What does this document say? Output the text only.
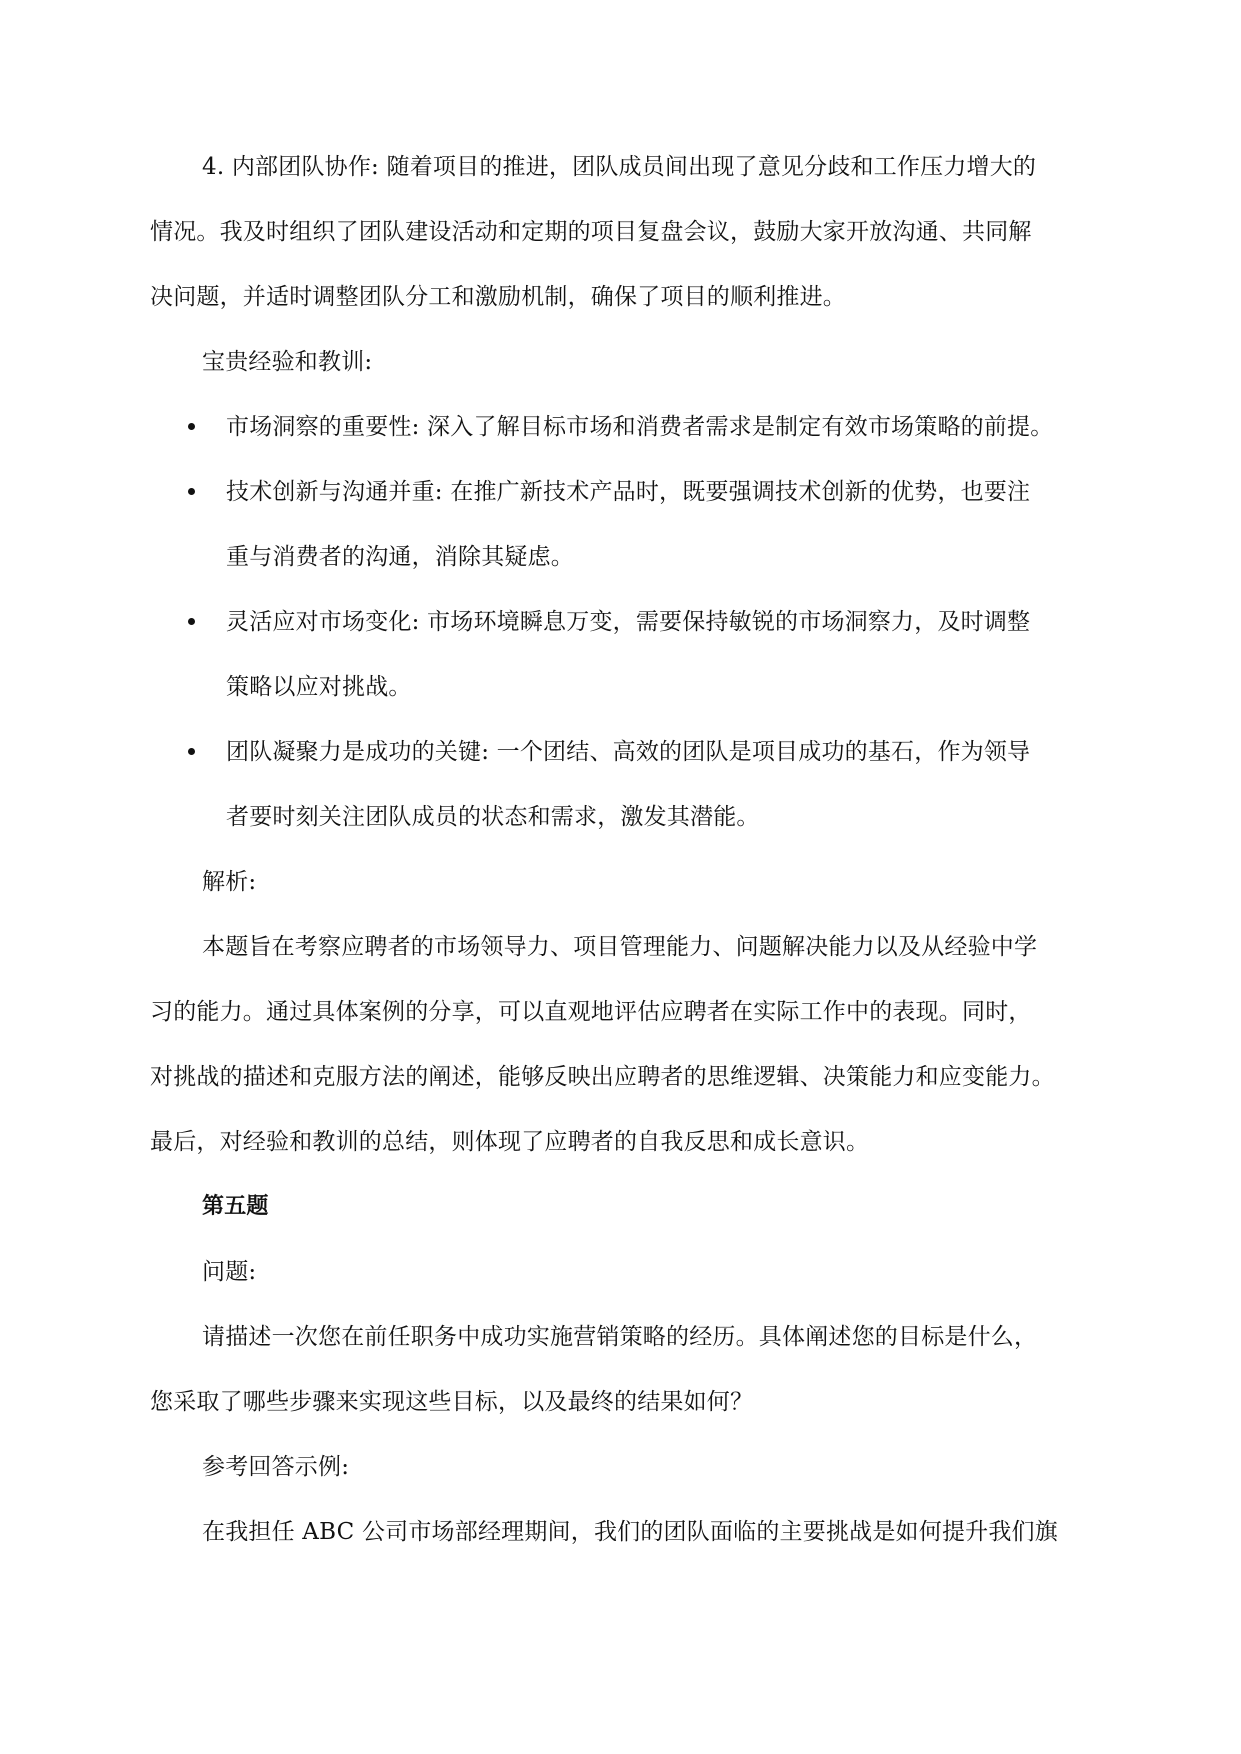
4. 内部团队协作: 随着项目的推进，团队成员间出现了意见分歧和工作压力增大的
情况。我及时组织了团队建设活动和定期的项目复盘会议，鼓励大家开放沟通、共同解
决问题，并适时调整团队分工和激励机制，确保了项目的顺利推进。
宝贵经验和教训:
市场洞察的重要性: 深入了解目标市场和消费者需求是制定有效市场策略的前提。
技术创新与沟通并重: 在推广新技术产品时，既要强调技术创新的优势，也要注
重与消费者的沟通，消除其疑虑。
灵活应对市场变化: 市场环境瞬息万变，需要保持敏锐的市场洞察力，及时调整
策略以应对挑战。
团队凝聚力是成功的关键: 一个团结、高效的团队是项目成功的基石，作为领导
者要时刻关注团队成员的状态和需求，激发其潜能。
解析:
本题旨在考察应聘者的市场领导力、项目管理能力、问题解决能力以及从经验中学
习的能力。通过具体案例的分享，可以直观地评估应聘者在实际工作中的表现。同时，
对挑战的描述和克服方法的阐述，能够反映出应聘者的思维逻辑、决策能力和应变能力。
最后，对经验和教训的总结，则体现了应聘者的自我反思和成长意识。
第五题
问题:
请描述一次您在前任职务中成功实施营销策略的经历。具体阐述您的目标是什么，
您采取了哪些步骤来实现这些目标，以及最终的结果如何？
参考回答示例:
在我担任 ABC 公司市场部经理期间，我们的团队面临的主要挑战是如何提升我们旗
